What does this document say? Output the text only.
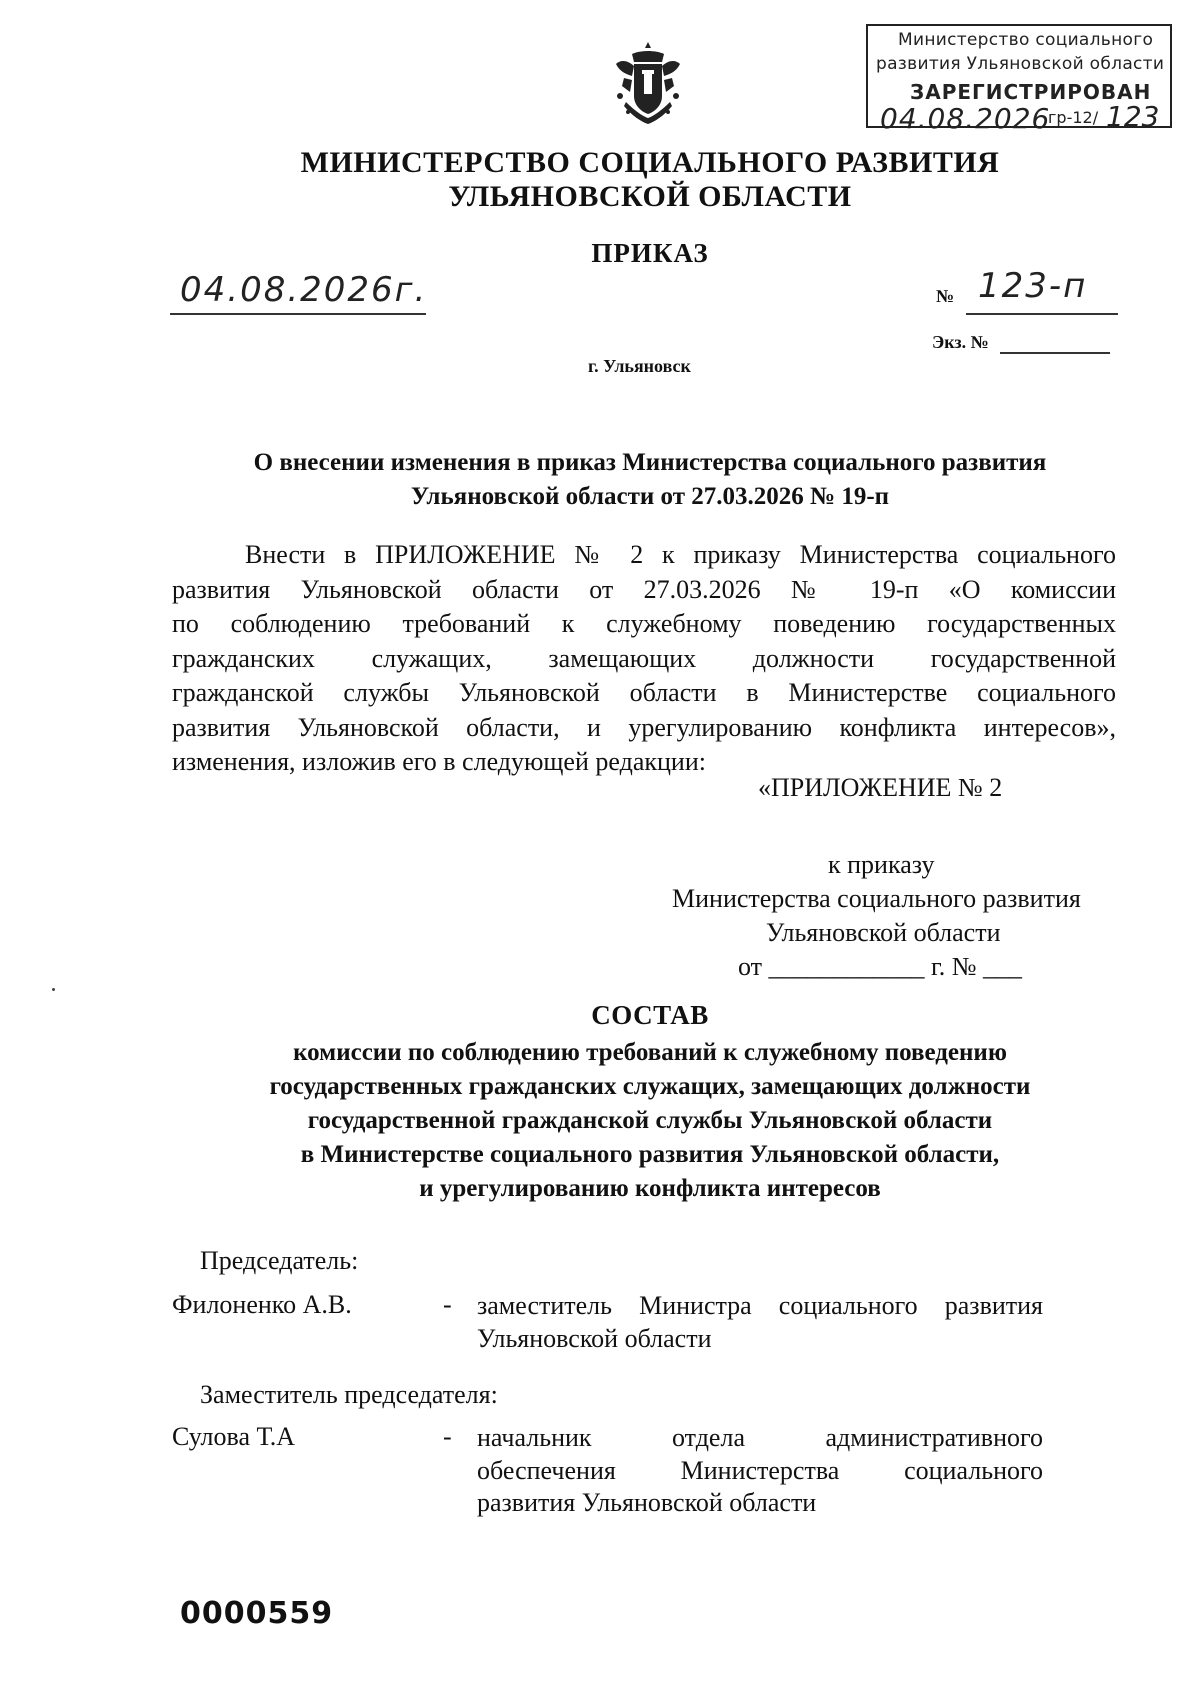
Министерство социального
развития Ульяновской области
ЗАРЕГИСТРИРОВАН
04.08.2026
гр-12/ 123
МИНИСТЕРСТВО СОЦИАЛЬНОГО РАЗВИТИЯ
УЛЬЯНОВСКОЙ ОБЛАСТИ
ПРИКАЗ
04.08.2026г.	№ 123-п
Экз. №
г. Ульяновск
О внесении изменения в приказ Министерства социального развития
Ульяновской области от 27.03.2026 № 19-п
Внести в ПРИЛОЖЕНИЕ № 2 к приказу Министерства социального
развития Ульяновской области от 27.03.2026 № 19-п «О комиссии
по соблюдению требований к служебному поведению государственных
гражданских служащих, замещающих должности государственной
гражданской службы Ульяновской области в Министерстве социального
развития Ульяновской области, и урегулированию конфликта интересов»,
изменения, изложив его в следующей редакции:
«ПРИЛОЖЕНИЕ № 2
к приказу
Министерства социального развития
Ульяновской области
от ____________ г. № ___
СОСТАВ
комиссии по соблюдению требований к служебному поведению
государственных гражданских служащих, замещающих должности
государственной гражданской службы Ульяновской области
в Министерстве социального развития Ульяновской области,
и урегулированию конфликта интересов
Председатель:
Филоненко А.В.	- заместитель Министра социального развития
Ульяновской области
Заместитель председателя:
Сулова Т.А	- начальник отдела административного
обеспечения Министерства социального
развития Ульяновской области
0000559
